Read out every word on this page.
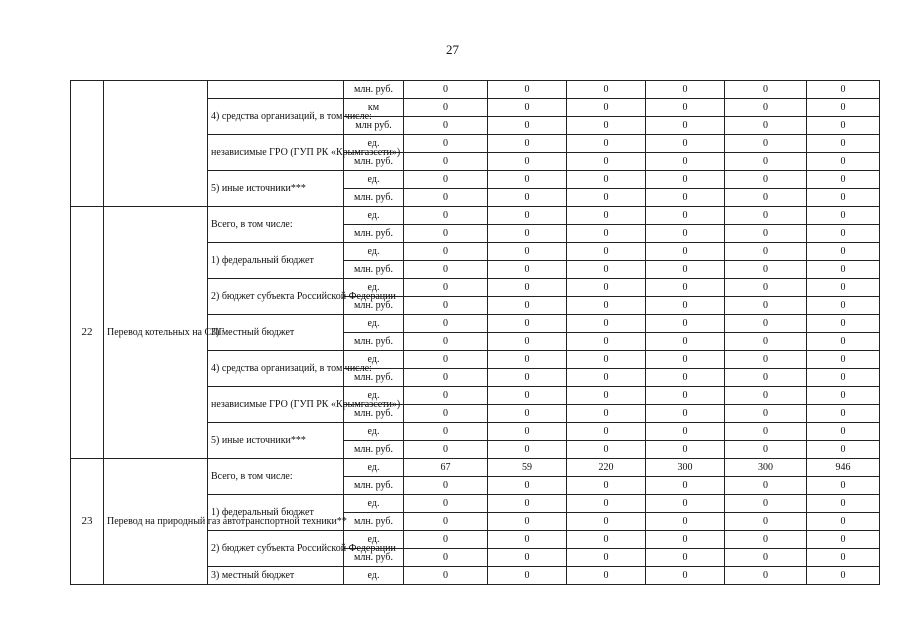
27
			млн. руб.	0	0	0	0	0	0
		4) средства организаций, в том числе:	км	0	0	0	0	0	0
			млн руб.	0	0	0	0	0	0
		независимые ГРО (ГУП РК «Крымгазсети»)	ед.	0	0	0	0	0	0
			млн. руб.	0	0	0	0	0	0
		5) иные источники***	ед.	0	0	0	0	0	0
			млн. руб.	0	0	0	0	0	0
22	Перевод котельных на СПГ	Всего, в том числе:	ед.	0	0	0	0	0	0
			млн. руб.	0	0	0	0	0	0
		1) федеральный бюджет	ед.	0	0	0	0	0	0
			млн. руб.	0	0	0	0	0	0
		2) бюджет субъекта Российской Федерации	ед.	0	0	0	0	0	0
			млн. руб.	0	0	0	0	0	0
		3) местный бюджет	ед.	0	0	0	0	0	0
			млн. руб.	0	0	0	0	0	0
		4) средства организаций, в том числе:	ед.	0	0	0	0	0	0
			млн. руб.	0	0	0	0	0	0
		независимые ГРО (ГУП РК «Крымгазсети»)	ед.	0	0	0	0	0	0
			млн. руб.	0	0	0	0	0	0
		5) иные источники***	ед.	0	0	0	0	0	0
			млн. руб.	0	0	0	0	0	0
23	Перевод на природный газ автотранспортной техники**	Всего, в том числе:	ед.	67	59	220	300	300	946
			млн. руб.	0	0	0	0	0	0
		1) федеральный бюджет	ед.	0	0	0	0	0	0
			млн. руб.	0	0	0	0	0	0
		2) бюджет субъекта Российской Федерации	ед.	0	0	0	0	0	0
			млн. руб.	0	0	0	0	0	0
		3) местный бюджет	ед.	0	0	0	0	0	0
